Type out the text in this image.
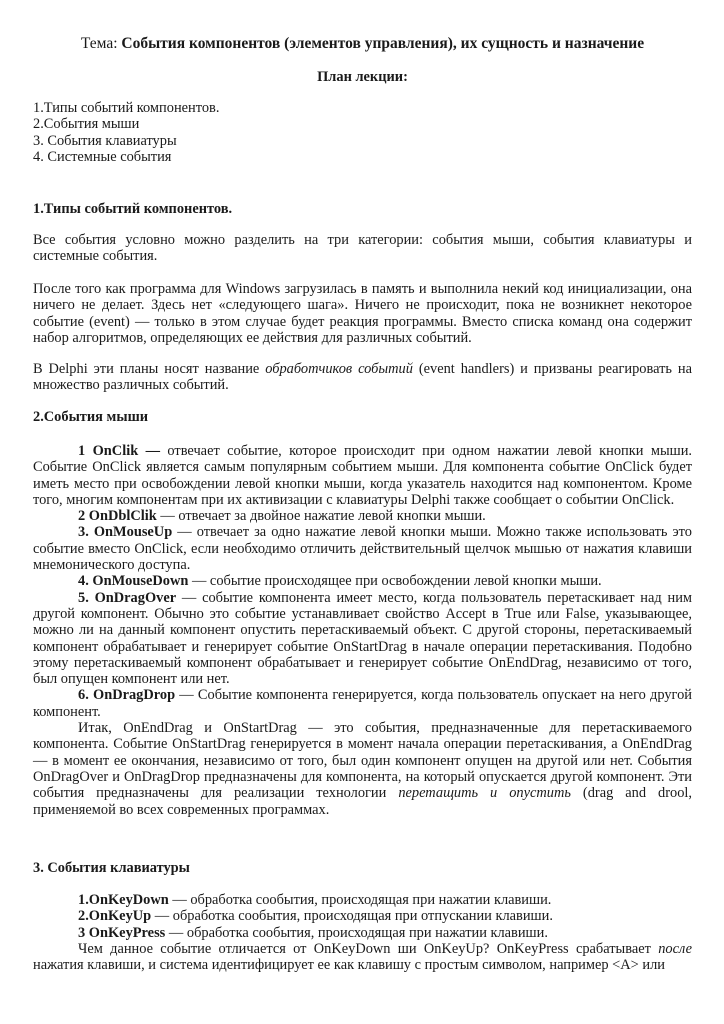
Тема: События компонентов (элементов управления), их сущность и назначение
План лекции:
1.Типы событий компонентов.
2.События мыши
3. События клавиатуры
4. Системные события
1.Типы событий компонентов.

Все события условно можно разделить на три категории: события мыши, события клавиатуры и системные события.

После того как программа для Windows загрузилась в память и выполнила некий код инициализации, она ничего не делает. Здесь нет «следующего шага». Ничего не происходит, пока не возникнет некоторое событие (event) — только в этом случае будет реакция программы. Вместо списка команд она содержит набор алгоритмов, определяющих ее действия для различных событий.

В Delphi эти планы носят название обработчиков событий (event handlers) и призваны реагировать на множество различных событий.

2.События мыши

1 OnClik — отвечает событие, которое происходит при одном нажатии левой кнопки мыши. Событие OnClick является самым популярным событием мыши. Для компонента событие OnClick будет иметь место при освобождении левой кнопки мыши, когда указатель находится над компонентом. Кроме того, многим компонентам при их активизации с клавиатуры Delphi также сообщает о событии OnClick.

2 OnDblClik — отвечает за двойное нажатие левой кнопки мыши.

3. OnMouseUp — отвечает за одно нажатие левой кнопки мыши. Можно также использовать это событие вместо OnClick, если необходимо отличить действительный щелчок мышью от нажатия клавиши мнемонического доступа.

4. OnMouseDown — событие происходящее при освобождении левой кнопки мыши.

5. OnDragOver — событие компонента имеет место, когда пользователь перетаскивает над ним другой компонент. Обычно это событие устанавливает свойство Accept в True или False, указывающее, можно ли на данный компонент опустить перетаскиваемый объект. С другой стороны, перетаскиваемый компонент обрабатывает и генерирует событие OnStartDrag в начале операции перетаскивания. Подобно этому перетаскиваемый компонент обрабатывает и генерирует событие OnEndDrag, независимо от того, был опущен компонент или нет.

6. OnDragDrop — Событие компонента генерируется, когда пользователь опускает на него другой компонент.

Итак, OnEndDrag и OnStartDrag — это события, предназначенные для перетаскиваемого компонента. Событие OnStartDrag генерируется в момент начала операции перетаскивания, а OnEndDrag — в момент ее окончания, независимо от того, был один компонент опущен на другой или нет. События OnDragOver и OnDragDrop предназначены для компонента, на который опускается другой компонент. Эти события предназначены для реализации технологии перетащить и опустить (drag and drool, применяемой во всех современных программах.

3. События клавиатуры

1.OnKeyDown — обработка сообытия, происходящая при нажатии клавиши.

2.OnKeyUp — обработка сообытия, происходящая при отпускании клавиши.

3 OnKeyPress — обработка сообытия, происходящая при нажатии клавиши.

Чем данное событие отличается от OnKeyDown ши OnKeyUp? OnKeyPress срабатывает после нажатия клавиши, и система идентифицирует ее как клавишу с простым символом, например <A> или
